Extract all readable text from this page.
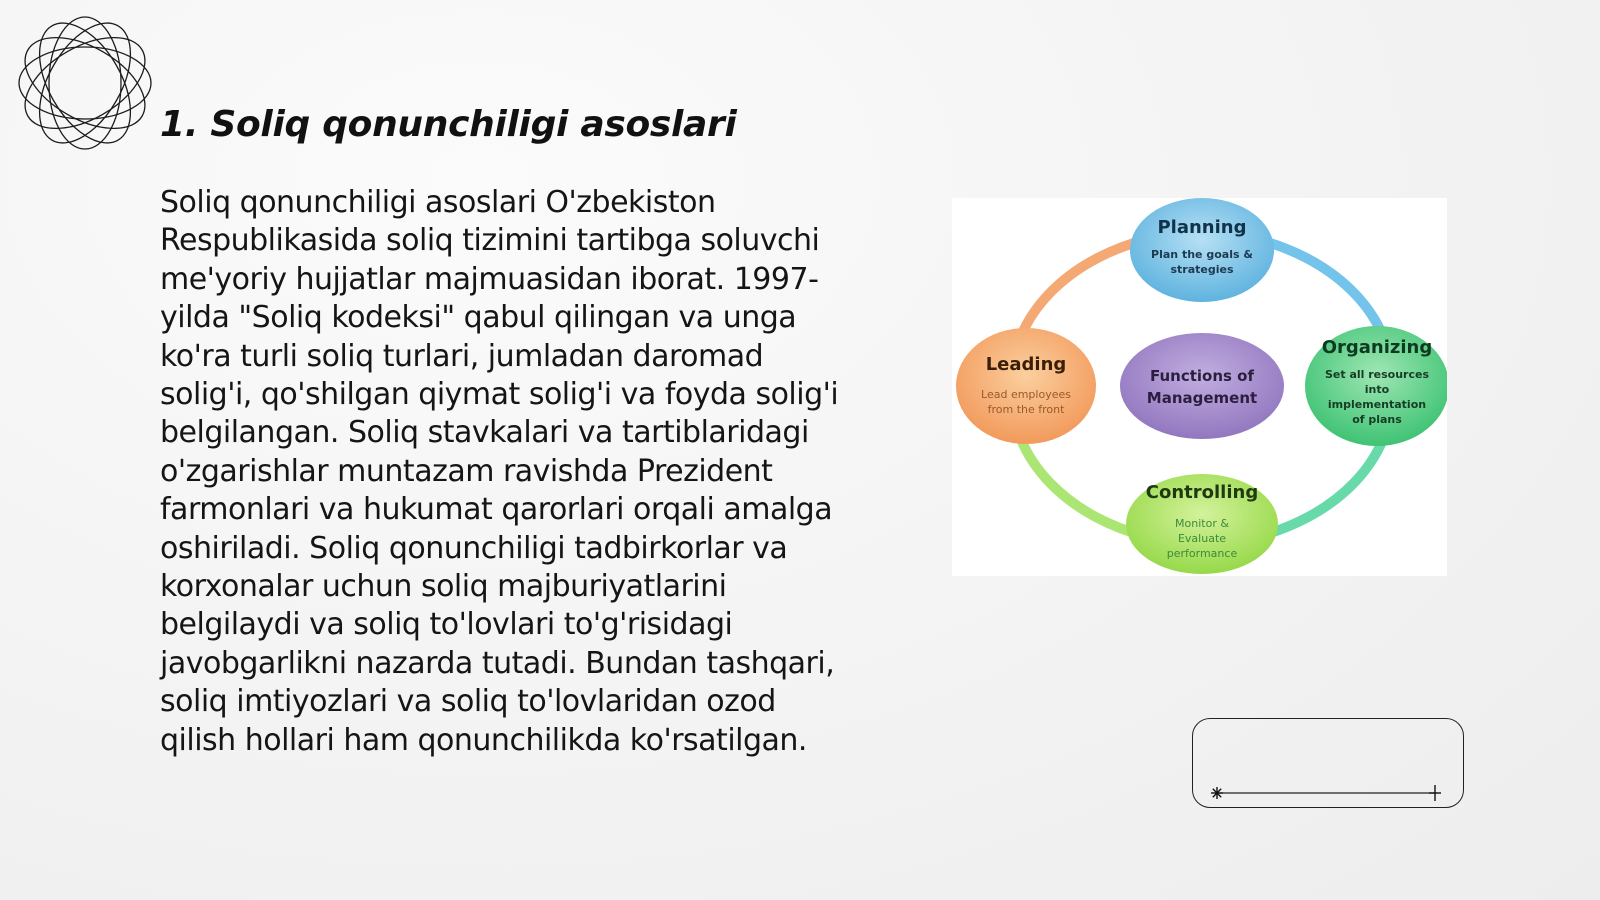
1. Soliq qonunchiligi asoslari

Soliq qonunchiligi asoslari O'zbekiston Respublikasida soliq tizimini tartibga soluvchi me'yoriy hujjatlar majmuasidan iborat. 1997-yilda "Soliq kodeksi" qabul qilingan va unga ko'ra turli soliq turlari, jumladan daromad solig'i, qo'shilgan qiymat solig'i va foyda solig'i belgilangan. Soliq stavkalari va tartiblaridagi o'zgarishlar muntazam ravishda Prezident farmonlari va hukumat qarorlari orqali amalga oshiriladi. Soliq qonunchiligi tadbirkorlar va korxonalar uchun soliq majburiyatlarini belgilaydi va soliq to'lovlari to'g'risidagi javobgarlikni nazarda tutadi. Bundan tashqari, soliq imtiyozlari va soliq to'lovlaridan ozod qilish hollari ham qonunchilikda ko'rsatilgan.

Functions of
Management
Planning
Plan the goals &
strategies
Organizing
Set all resources
into
implementation
of plans
Controlling
Monitor &
Evaluate
performance
Leading
Lead employees
from the front
